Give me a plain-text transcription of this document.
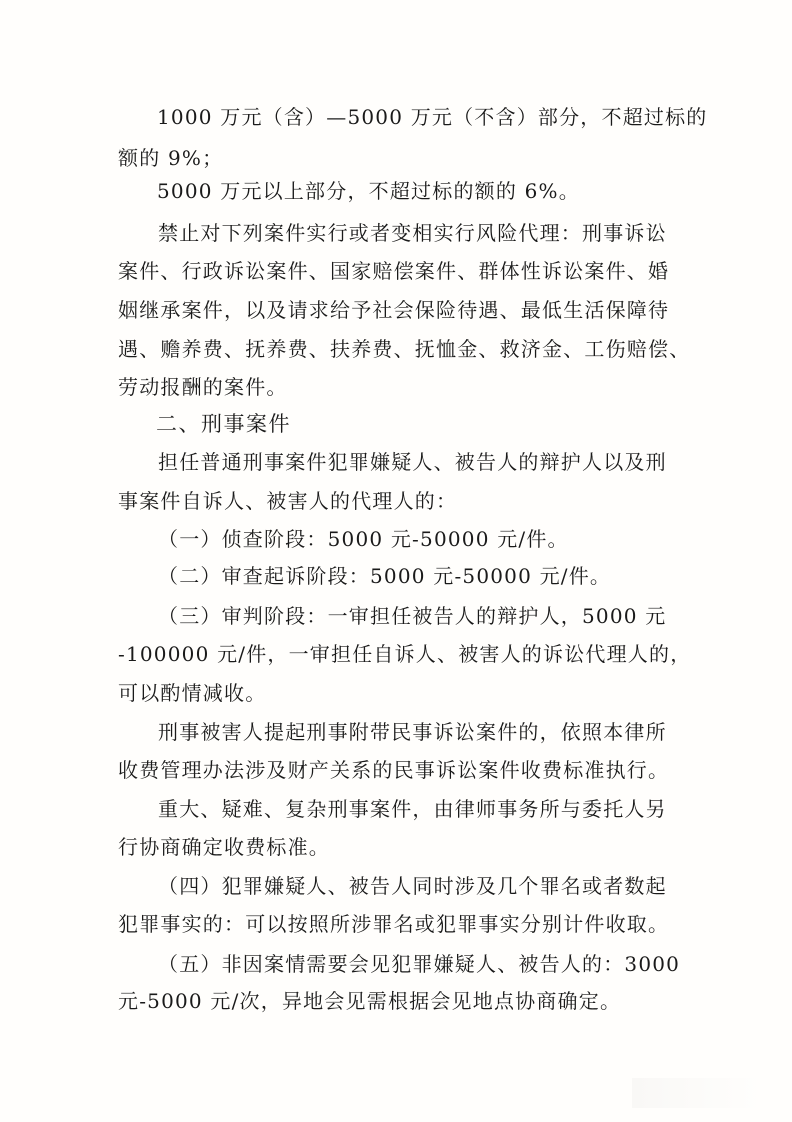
1000 万元（含）—5000 万元（不含）部分，不超过标的
额的 9%；
5000 万元以上部分，不超过标的额的 6%。
禁止对下列案件实行或者变相实行风险代理：刑事诉讼
案件、行政诉讼案件、国家赔偿案件、群体性诉讼案件、婚
姻继承案件，以及请求给予社会保险待遇、最低生活保障待
遇、赡养费、抚养费、扶养费、抚恤金、救济金、工伤赔偿、
劳动报酬的案件。
二、刑事案件
担任普通刑事案件犯罪嫌疑人、被告人的辩护人以及刑
事案件自诉人、被害人的代理人的：
（一）侦查阶段：5000 元-50000 元/件。
（二）审查起诉阶段：5000 元-50000 元/件。
（三）审判阶段：一审担任被告人的辩护人，5000 元
-100000 元/件，一审担任自诉人、被害人的诉讼代理人的，
可以酌情减收。
刑事被害人提起刑事附带民事诉讼案件的，依照本律所
收费管理办法涉及财产关系的民事诉讼案件收费标准执行。
重大、疑难、复杂刑事案件，由律师事务所与委托人另
行协商确定收费标准。
（四）犯罪嫌疑人、被告人同时涉及几个罪名或者数起
犯罪事实的：可以按照所涉罪名或犯罪事实分别计件收取。
（五）非因案情需要会见犯罪嫌疑人、被告人的：3000
元-5000 元/次，异地会见需根据会见地点协商确定。
